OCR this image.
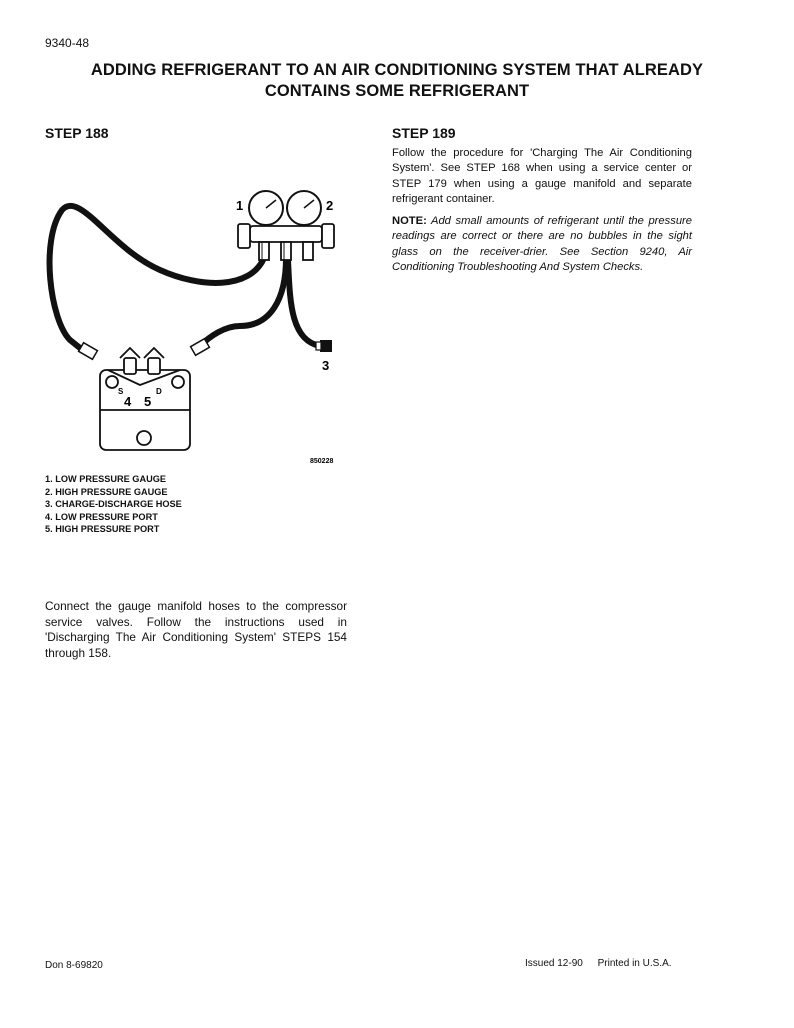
9340-48
ADDING REFRIGERANT TO AN AIR CONDITIONING SYSTEM THAT ALREADY
CONTAINS SOME REFRIGERANT
STEP 188	STEP 189
1	2
3
S	D
4 5
850228
1. LOW PRESSURE GAUGE
2. HIGH PRESSURE GAUGE
3. CHARGE-DISCHARGE HOSE
4. LOW PRESSURE PORT
5. HIGH PRESSURE PORT

Connect the gauge manifold hoses to the compressor service valves. Follow the instructions used in 'Discharging The Air Conditioning System' STEPS 154 through 158.

Follow the procedure for 'Charging The Air Conditioning System'. See STEP 168 when using a service center or STEP 179 when using a gauge manifold and separate refrigerant container.

NOTE: Add small amounts of refrigerant until the pressure readings are correct or there are no bubbles in the sight glass on the receiver-drier. See Section 9240, Air Conditioning Troubleshooting And System Checks.

Don 8-69820	Issued 12-90 Printed in U.S.A.
